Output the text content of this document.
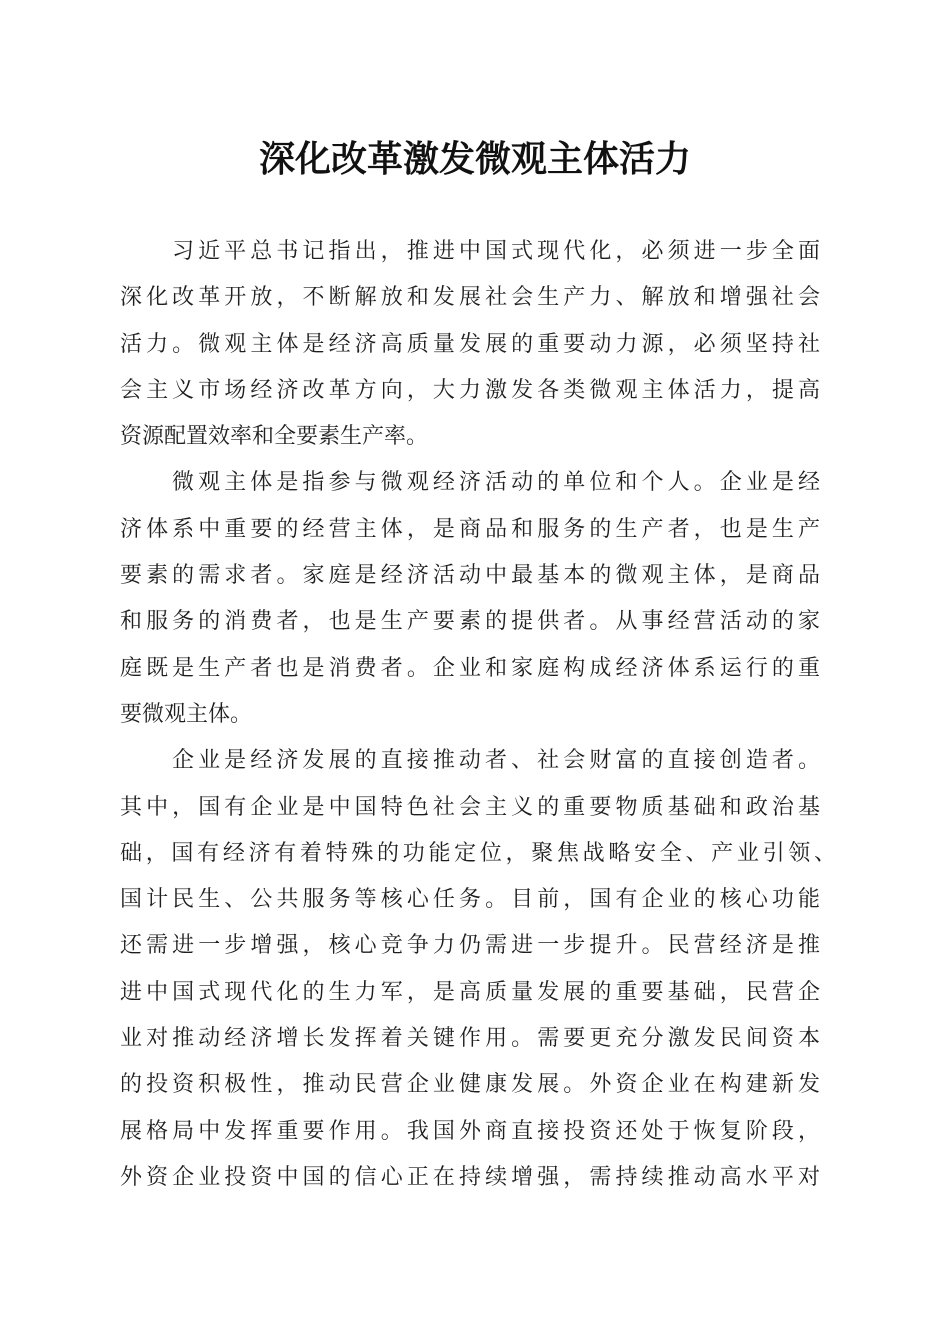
深化改革激发微观主体活力
习近平总书记指出，推进中国式现代化，必须进一步全面
深化改革开放，不断解放和发展社会生产力、解放和增强社会
活力。微观主体是经济高质量发展的重要动力源，必须坚持社
会主义市场经济改革方向，大力激发各类微观主体活力，提高
资源配置效率和全要素生产率。
微观主体是指参与微观经济活动的单位和个人。企业是经
济体系中重要的经营主体，是商品和服务的生产者，也是生产
要素的需求者。家庭是经济活动中最基本的微观主体，是商品
和服务的消费者，也是生产要素的提供者。从事经营活动的家
庭既是生产者也是消费者。企业和家庭构成经济体系运行的重
要微观主体。
企业是经济发展的直接推动者、社会财富的直接创造者。
其中，国有企业是中国特色社会主义的重要物质基础和政治基
础，国有经济有着特殊的功能定位，聚焦战略安全、产业引领、
国计民生、公共服务等核心任务。目前，国有企业的核心功能
还需进一步增强，核心竞争力仍需进一步提升。民营经济是推
进中国式现代化的生力军，是高质量发展的重要基础，民营企
业对推动经济增长发挥着关键作用。需要更充分激发民间资本
的投资积极性，推动民营企业健康发展。外资企业在构建新发
展格局中发挥重要作用。我国外商直接投资还处于恢复阶段，
外资企业投资中国的信心正在持续增强，需持续推动高水平对
